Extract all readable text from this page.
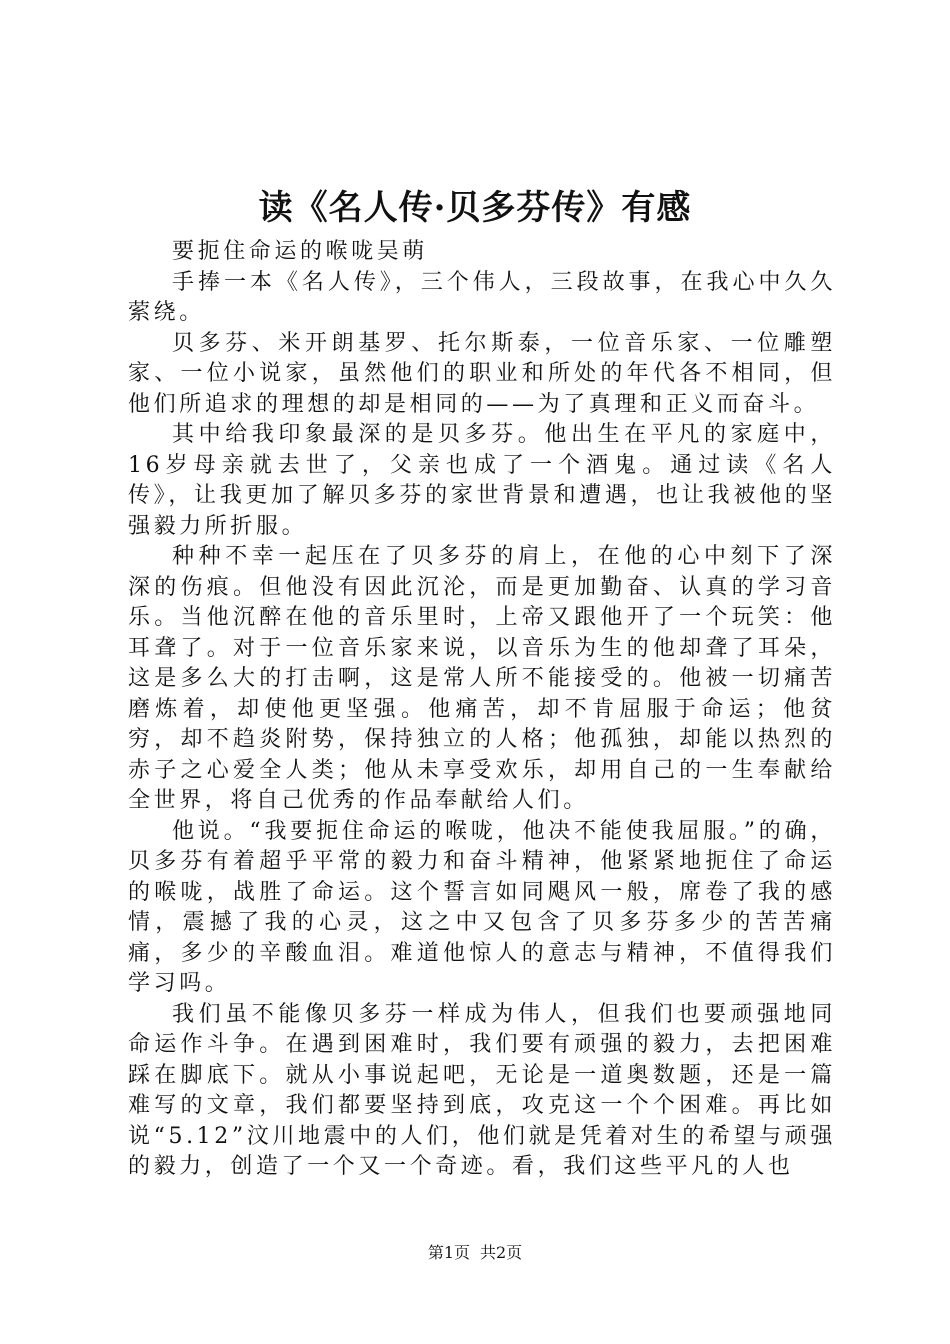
读《名人传·贝多芬传》有感

要扼住命运的喉咙吴萌

手捧一本《名人传》，三个伟人，三段故事，在我心中久久萦绕。

贝多芬、米开朗基罗、托尔斯泰，一位音乐家、一位雕塑家、一位小说家，虽然他们的职业和所处的年代各不相同，但他们所追求的理想的却是相同的——为了真理和正义而奋斗。

其中给我印象最深的是贝多芬。他出生在平凡的家庭中，16岁母亲就去世了，父亲也成了一个酒鬼。通过读《名人传》，让我更加了解贝多芬的家世背景和遭遇，也让我被他的坚强毅力所折服。

种种不幸一起压在了贝多芬的肩上，在他的心中刻下了深深的伤痕。但他没有因此沉沦，而是更加勤奋、认真的学习音乐。当他沉醉在他的音乐里时，上帝又跟他开了一个玩笑：他耳聋了。对于一位音乐家来说，以音乐为生的他却聋了耳朵，这是多么大的打击啊，这是常人所不能接受的。他被一切痛苦磨炼着，却使他更坚强。他痛苦，却不肯屈服于命运；他贫穷，却不趋炎附势，保持独立的人格；他孤独，却能以热烈的赤子之心爱全人类；他从未享受欢乐，却用自己的一生奉献给全世界，将自己优秀的作品奉献给人们。

他说。“我要扼住命运的喉咙，他决不能使我屈服。”的确，贝多芬有着超乎平常的毅力和奋斗精神，他紧紧地扼住了命运的喉咙，战胜了命运。这个誓言如同飓风一般，席卷了我的感情，震撼了我的心灵，这之中又包含了贝多芬多少的苦苦痛痛，多少的辛酸血泪。难道他惊人的意志与精神，不值得我们学习吗。

我们虽不能像贝多芬一样成为伟人，但我们也要顽强地同命运作斗争。在遇到困难时，我们要有顽强的毅力，去把困难踩在脚底下。就从小事说起吧，无论是一道奥数题，还是一篇难写的文章，我们都要坚持到底，攻克这一个个困难。再比如说“5.12”汶川地震中的人们，他们就是凭着对生的希望与顽强的毅力，创造了一个又一个奇迹。看，我们这些平凡的人也

第1页 共2页
